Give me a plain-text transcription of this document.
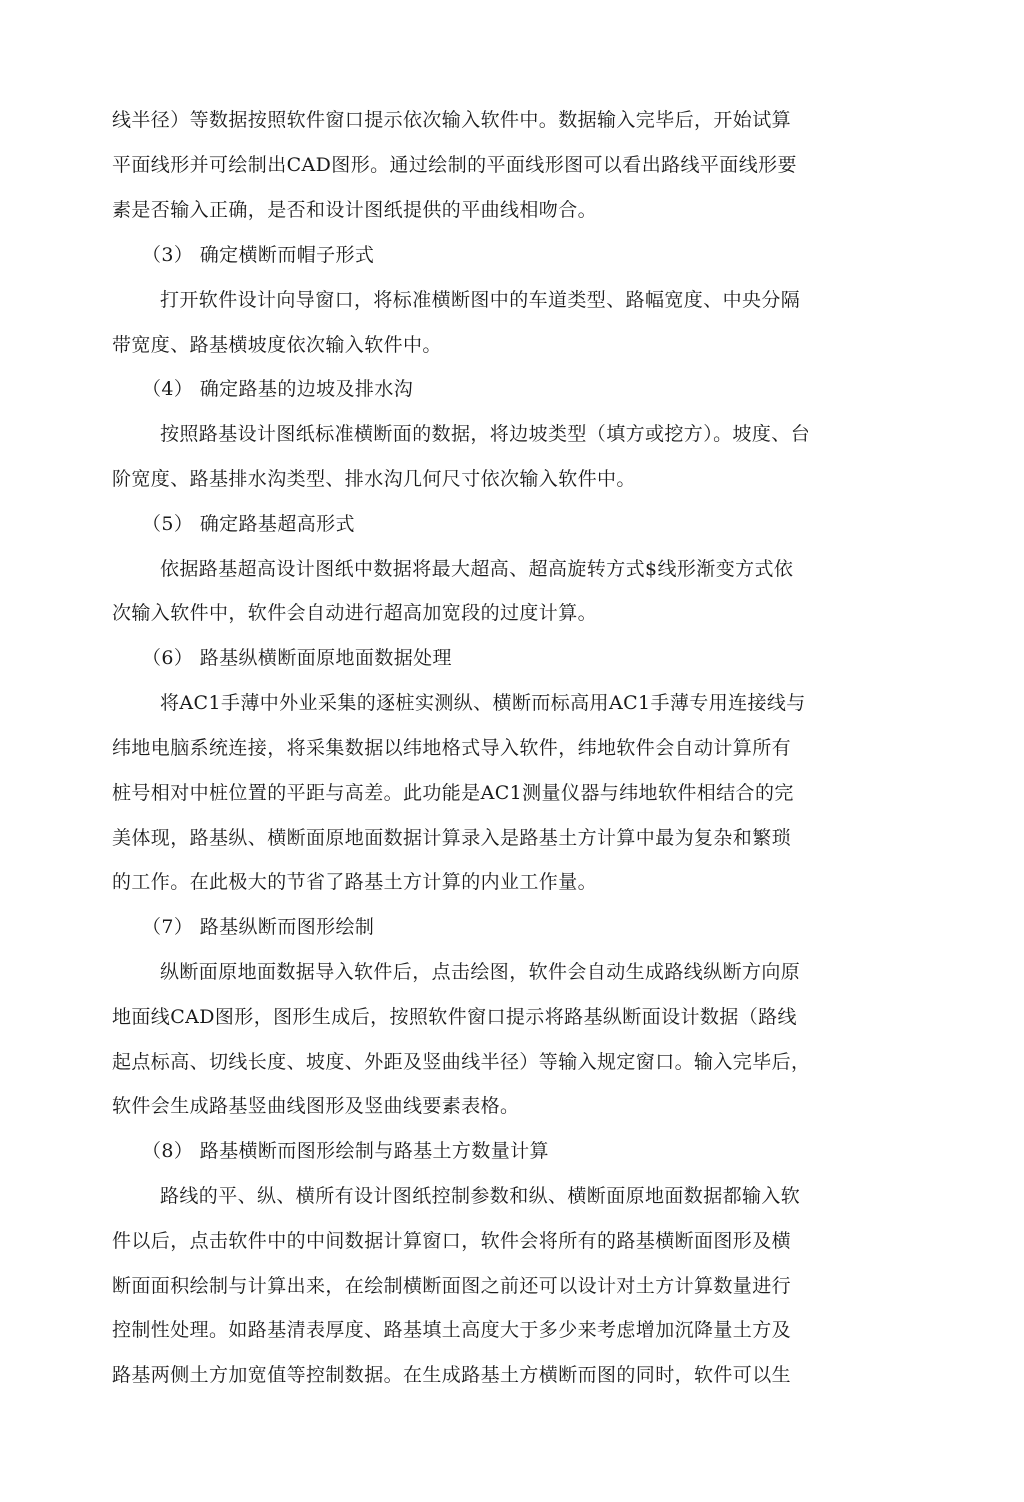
线半径）等数据按照软件窗口提示依次输入软件中。数据输入完毕后，开始试算
平面线形并可绘制出CAD图形。通过绘制的平面线形图可以看出路线平面线形要
素是否输入正确，是否和设计图纸提供的平曲线相吻合。
（3） 确定横断而帽子形式
打开软件设计向导窗口，将标准横断图中的车道类型、路幅宽度、中央分隔
带宽度、路基横坡度依次输入软件中。
（4） 确定路基的边坡及排水沟
按照路基设计图纸标准横断面的数据，将边坡类型（填方或挖方）。坡度、台
阶宽度、路基排水沟类型、排水沟几何尺寸依次输入软件中。
（5） 确定路基超高形式
依据路基超高设计图纸中数据将最大超高、超高旋转方式$线形渐变方式依
次输入软件中，软件会自动进行超高加宽段的过度计算。
（6） 路基纵横断面原地面数据处理
将AC1手薄中外业采集的逐桩实测纵、横断而标高用AC1手薄专用连接线与
纬地电脑系统连接，将采集数据以纬地格式导入软件，纬地软件会自动计算所有
桩号相对中桩位置的平距与高差。此功能是AC1测量仪器与纬地软件相结合的完
美体现，路基纵、横断面原地面数据计算录入是路基土方计算中最为复杂和繁琐
的工作。在此极大的节省了路基土方计算的内业工作量。
（7） 路基纵断而图形绘制
纵断面原地面数据导入软件后，点击绘图，软件会自动生成路线纵断方向原
地面线CAD图形，图形生成后，按照软件窗口提示将路基纵断面设计数据（路线
起点标高、切线长度、坡度、外距及竖曲线半径）等输入规定窗口。输入完毕后，
软件会生成路基竖曲线图形及竖曲线要素表格。
（8） 路基横断而图形绘制与路基土方数量计算
路线的平、纵、横所有设计图纸控制参数和纵、横断面原地面数据都输入软
件以后，点击软件中的中间数据计算窗口，软件会将所有的路基横断面图形及横
断面面积绘制与计算出来，在绘制横断面图之前还可以设计对土方计算数量进行
控制性处理。如路基清表厚度、路基填土高度大于多少来考虑增加沉降量土方及
路基两侧土方加宽值等控制数据。在生成路基土方横断而图的同时，软件可以生
